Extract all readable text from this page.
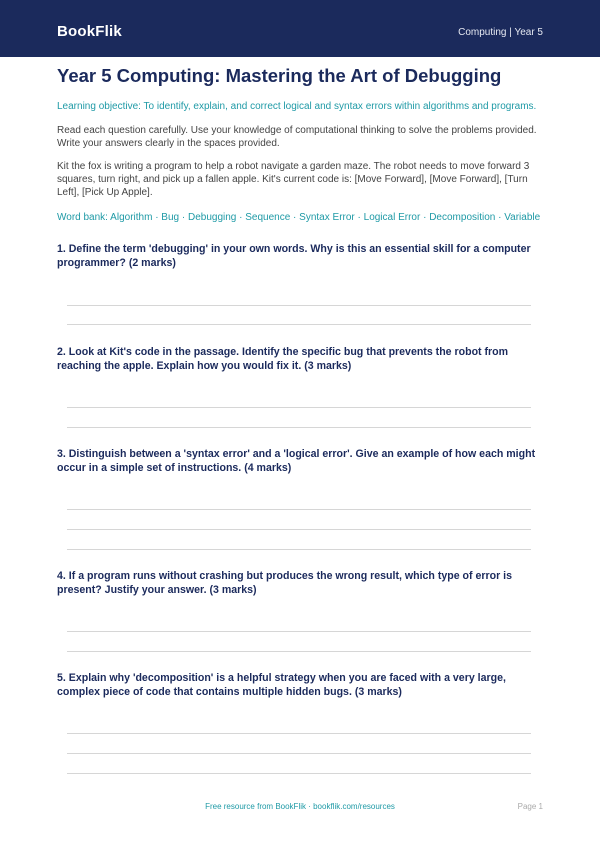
BookFlik	Computing | Year 5
Year 5 Computing: Mastering the Art of Debugging
Learning objective: To identify, explain, and correct logical and syntax errors within algorithms and programs.
Read each question carefully. Use your knowledge of computational thinking to solve the problems provided. Write your answers clearly in the spaces provided.
Kit the fox is writing a program to help a robot navigate a garden maze. The robot needs to move forward 3 squares, turn right, and pick up a fallen apple. Kit's current code is: [Move Forward], [Move Forward], [Turn Left], [Pick Up Apple].
Word bank: Algorithm · Bug · Debugging · Sequence · Syntax Error · Logical Error · Decomposition · Variable
1. Define the term 'debugging' in your own words. Why is this an essential skill for a computer programmer? (2 marks)
2. Look at Kit's code in the passage. Identify the specific bug that prevents the robot from reaching the apple. Explain how you would fix it. (3 marks)
3. Distinguish between a 'syntax error' and a 'logical error'. Give an example of how each might occur in a simple set of instructions. (4 marks)
4. If a program runs without crashing but produces the wrong result, which type of error is present? Justify your answer. (3 marks)
5. Explain why 'decomposition' is a helpful strategy when you are faced with a very large, complex piece of code that contains multiple hidden bugs. (3 marks)
Free resource from BookFlik · bookflik.com/resources	Page 1
